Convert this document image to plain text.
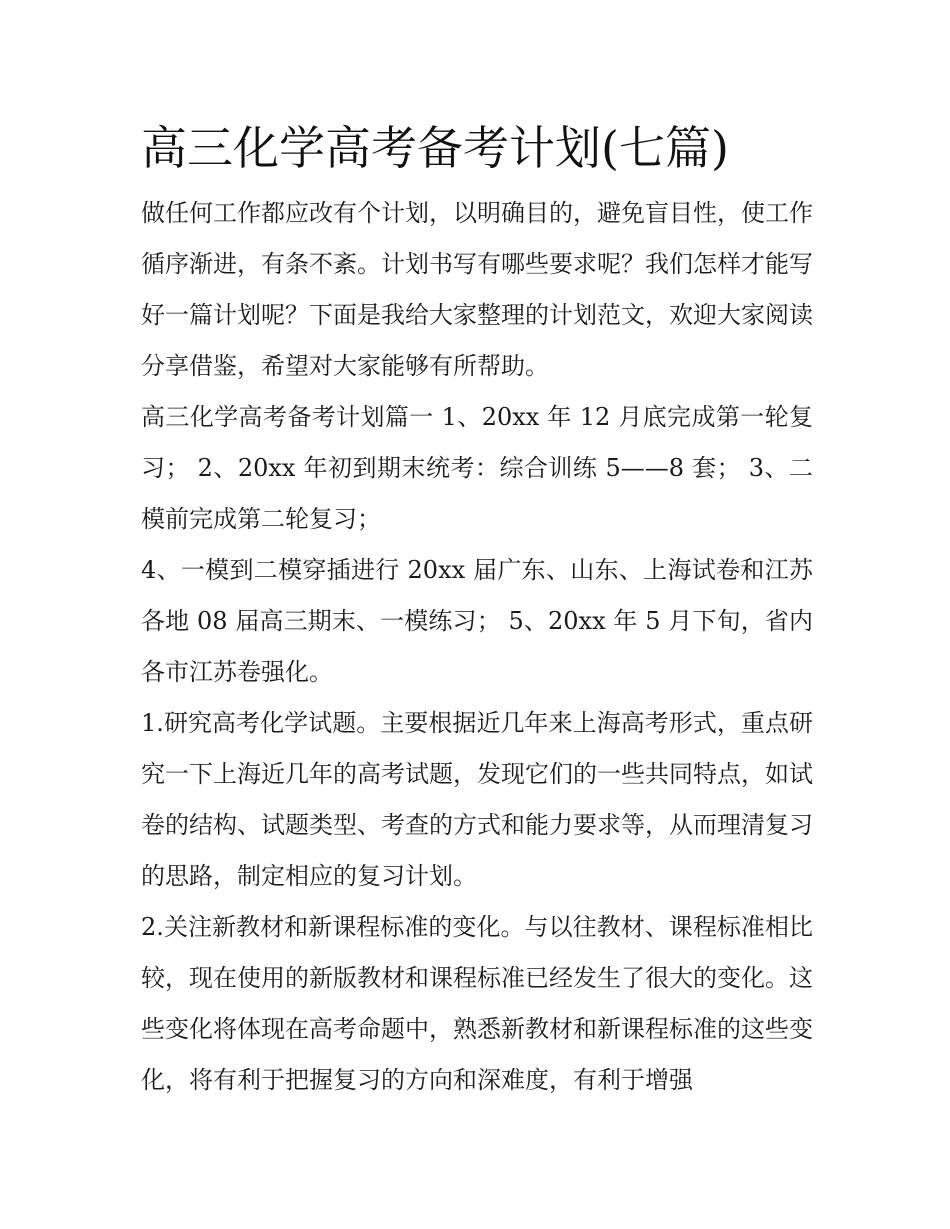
高三化学高考备考计划(七篇)

做任何工作都应改有个计划，以明确目的，避免盲目性，使工作循序渐进，有条不紊。计划书写有哪些要求呢？我们怎样才能写好一篇计划呢？下面是我给大家整理的计划范文，欢迎大家阅读分享借鉴，希望对大家能够有所帮助。

高三化学高考备考计划篇一 1、20xx 年 12 月底完成第一轮复习； 2、20xx 年初到期末统考：综合训练 5——8 套； 3、二模前完成第二轮复习；

4、一模到二模穿插进行 20xx 届广东、山东、上海试卷和江苏各地 08 届高三期末、一模练习； 5、20xx 年 5 月下旬，省内各市江苏卷强化。

1.研究高考化学试题。主要根据近几年来上海高考形式，重点研究一下上海近几年的高考试题，发现它们的一些共同特点，如试卷的结构、试题类型、考查的方式和能力要求等，从而理清复习的思路，制定相应的复习计划。

2.关注新教材和新课程标准的变化。与以往教材、课程标准相比较，现在使用的新版教材和课程标准已经发生了很大的变化。这些变化将体现在高考命题中，熟悉新教材和新课程标准的这些变化，将有利于把握复习的方向和深难度，有利于增强
